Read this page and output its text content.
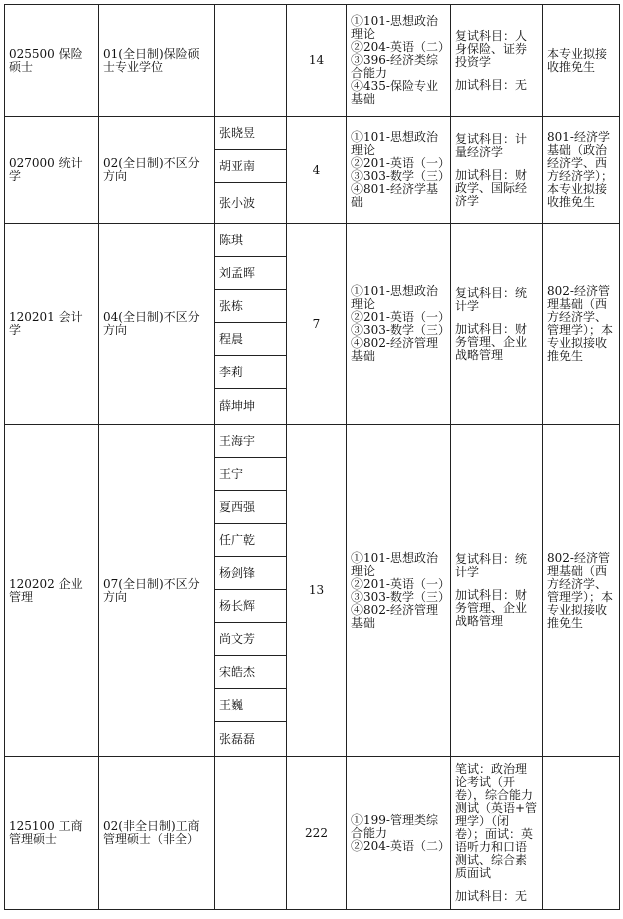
025500 保险硕士	01(全日制)保险硕士专业学位		14	①101-思想政治理论
②204-英语（二）
③396-经济类综合能力
④435-保险专业基础	复试科目：人身保险、证券投资学
加试科目：无	本专业拟接收推免生
027000 统计学	02(全日制)不区分方向	张晓昱	4	①101-思想政治理论
②201-英语（一）
③303-数学（三）
④801-经济学基础	复试科目：计量经济学
加试科目：财政学、国际经济学	801-经济学基础（政治经济学、西方经济学）；本专业拟接收推免生
		胡亚南				
		张小波				
120201 会计学	04(全日制)不区分方向	陈琪	7	①101-思想政治理论
②201-英语（一）
③303-数学（三）
④802-经济管理基础	复试科目：统计学
加试科目：财务管理、企业战略管理	802-经济管理基础（西方经济学、管理学）；本专业拟接收推免生
		刘孟晖				
		张栋				
		程晨				
		李莉				
		薛坤坤				
120202 企业管理	07(全日制)不区分方向	王海宇	13	①101-思想政治理论
②201-英语（一）
③303-数学（三）
④802-经济管理基础	复试科目：统计学
加试科目：财务管理、企业战略管理	802-经济管理基础（西方经济学、管理学）；本专业拟接收推免生
		王宁				
		夏西强				
		任广乾				
		杨剑锋				
		杨长辉				
		尚文芳				
		宋皓杰				
		王巍				
		张磊磊				
125100 工商管理硕士	02(非全日制)工商管理硕士（非全）		222	①199-管理类综合能力
②204-英语（二）	笔试：政治理论考试（开卷），综合能力测试（英语+管理学）（闭卷）；面试：英语听力和口语测试、综合素质面试
加试科目：无	
